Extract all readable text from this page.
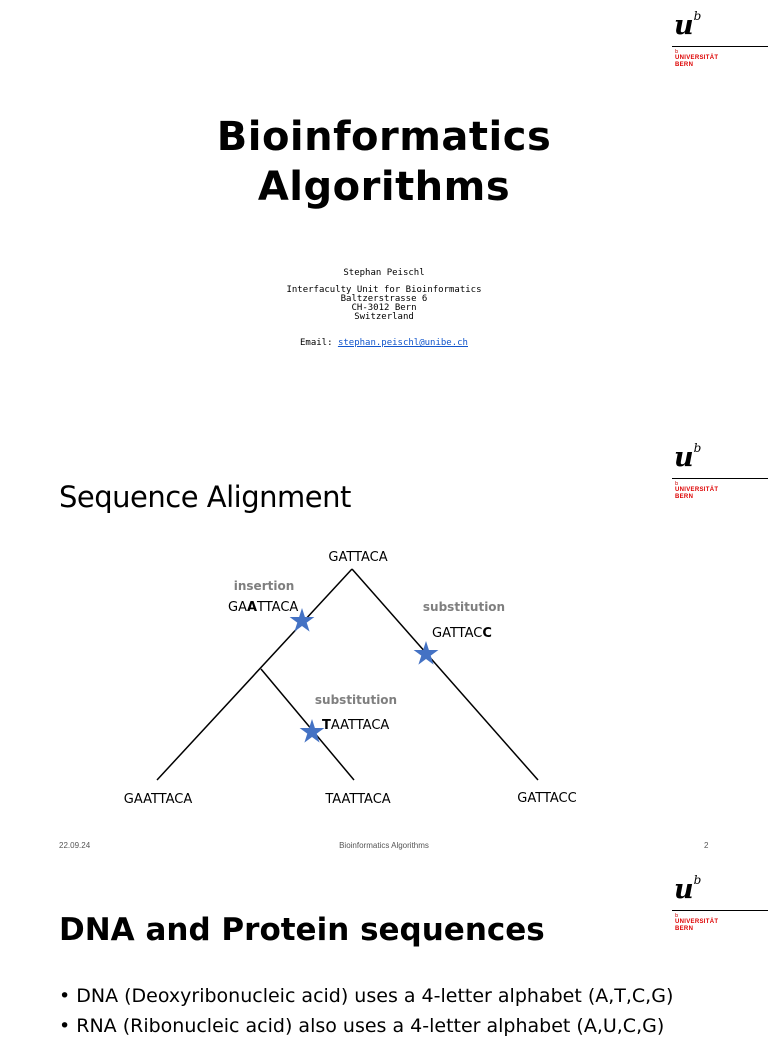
$u^b$
b
UNIVERSITÄT
BERN
Bioinformatics
Algorithms
Stephan Peischl
Interfaculty Unit for Bioinformatics
Baltzerstrasse 6
CH-3012 Bern
Switzerland
Email: stephan.peischl@unibe.ch
$u^b$
b
UNIVERSITÄT
BERN
Sequence Alignment
GATTACA
insertion
GAATTACA	substitution
GATTACC
substitution
TAATTACA
GAATTACA	TAATTACA	GATTACC
22.09.24	Bioinformatics Algorithms	2
$u^b$
b
UNIVERSITÄT
BERN
DNA and Protein sequences
• DNA (Deoxyribonucleic acid) uses a 4-letter alphabet (A,T,C,G)
• RNA (Ribonucleic acid) also uses a 4-letter alphabet (A,U,C,G)
